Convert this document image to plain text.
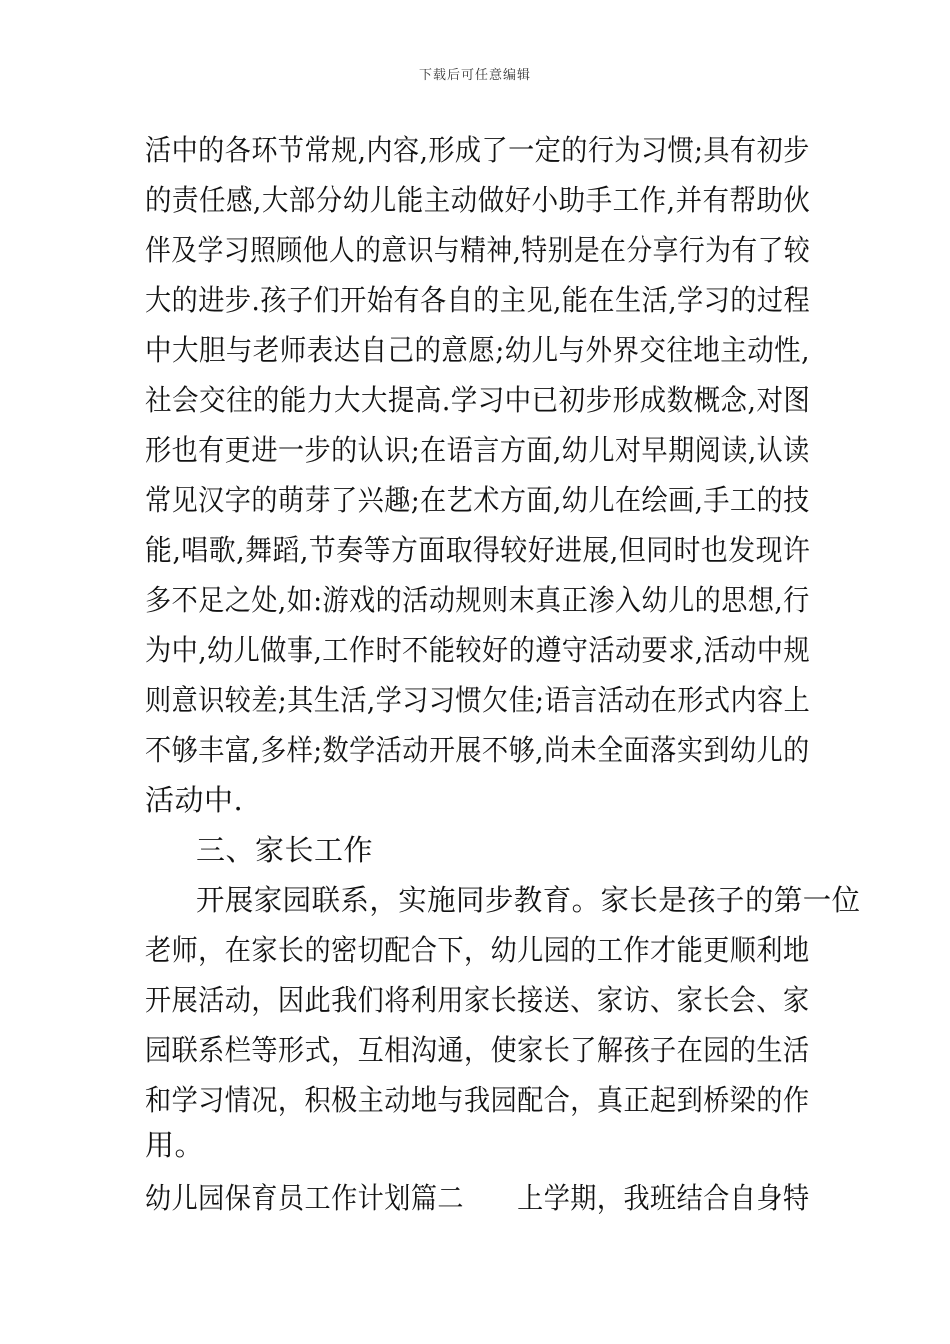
下载后可任意编辑
活中的各环节常规,内容,形成了一定的行为习惯;具有初步
的责任感,大部分幼儿能主动做好小助手工作,并有帮助伙
伴及学习照顾他人的意识与精神,特别是在分享行为有了较
大的进步.孩子们开始有各自的主见,能在生活,学习的过程
中大胆与老师表达自己的意愿;幼儿与外界交往地主动性,
社会交往的能力大大提高.学习中已初步形成数概念,对图
形也有更进一步的认识;在语言方面,幼儿对早期阅读,认读
常见汉字的萌芽了兴趣;在艺术方面,幼儿在绘画,手工的技
能,唱歌,舞蹈,节奏等方面取得较好进展,但同时也发现许
多不足之处,如:游戏的活动规则末真正渗入幼儿的思想,行
为中,幼儿做事,工作时不能较好的遵守活动要求,活动中规
则意识较差;其生活,学习习惯欠佳;语言活动在形式内容上
不够丰富,多样;数学活动开展不够,尚未全面落实到幼儿的
活动中.
三、家长工作
开展家园联系，实施同步教育。家长是孩子的第一位
老师，在家长的密切配合下，幼儿园的工作才能更顺利地
开展活动，因此我们将利用家长接送、家访、家长会、家
园联系栏等形式，互相沟通，使家长了解孩子在园的生活
和学习情况，积极主动地与我园配合，真正起到桥梁的作
用。
幼儿园保育员工作计划篇二　　上学期，我班结合自身特
